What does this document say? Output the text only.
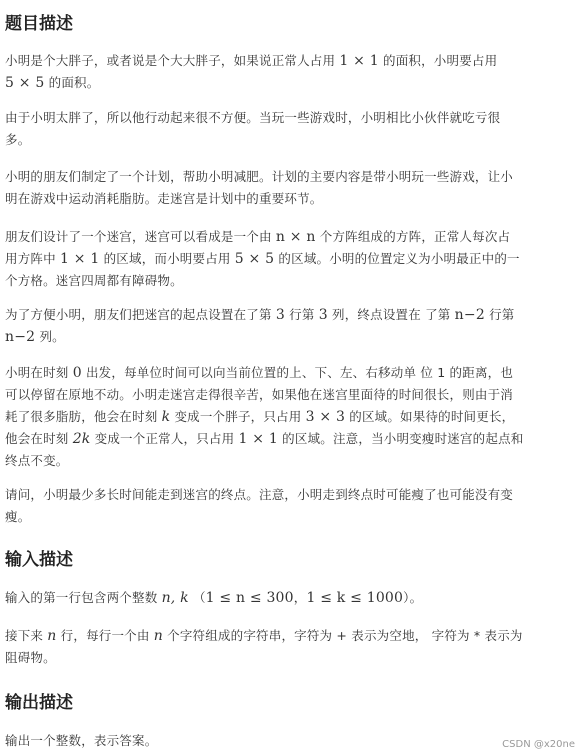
题目描述

小明是个大胖子，或者说是个大大胖子，如果说正常人占用 1 × 1 的面积，小明要占用
5 × 5 的面积。

由于小明太胖了，所以他行动起来很不方便。当玩一些游戏时，小明相比小伙伴就吃亏很
多。

小明的朋友们制定了一个计划，帮助小明减肥。计划的主要内容是带小明玩一些游戏，让小
明在游戏中运动消耗脂肪。走迷宫是计划中的重要环节。

朋友们设计了一个迷宫，迷宫可以看成是一个由 n × n 个方阵组成的方阵，正常人每次占
用方阵中 1 × 1 的区域，而小明要占用 5 × 5 的区域。小明的位置定义为小明最正中的一
个方格。迷宫四周都有障碍物。

为了方便小明，朋友们把迷宫的起点设置在了第 3 行第 3 列，终点设置在 了第 n−2 行第
n−2 列。

小明在时刻 0 出发，每单位时间可以向当前位置的上、下、左、右移动单 位 1 的距离，也
可以停留在原地不动。小明走迷宫走得很辛苦，如果他在迷宫里面待的时间很长，则由于消
耗了很多脂肪，他会在时刻 k 变成一个胖子，只占用 3 × 3 的区域。如果待的时间更长，
他会在时刻 2k 变成一个正常人，只占用 1 × 1 的区域。注意，当小明变瘦时迷宫的起点和
终点不变。

请问，小明最少多长时间能走到迷宫的终点。注意，小明走到终点时可能瘦了也可能没有变
瘦。

输入描述

输入的第一行包含两个整数 n, k （1 ≤ n ≤ 300，1 ≤ k ≤ 1000）。

接下来 n 行，每行一个由 n 个字符组成的字符串，字符为 + 表示为空地， 字符为 * 表示为
阻碍物。

输出描述

输出一个整数，表示答案。	CSDN @x20ne
